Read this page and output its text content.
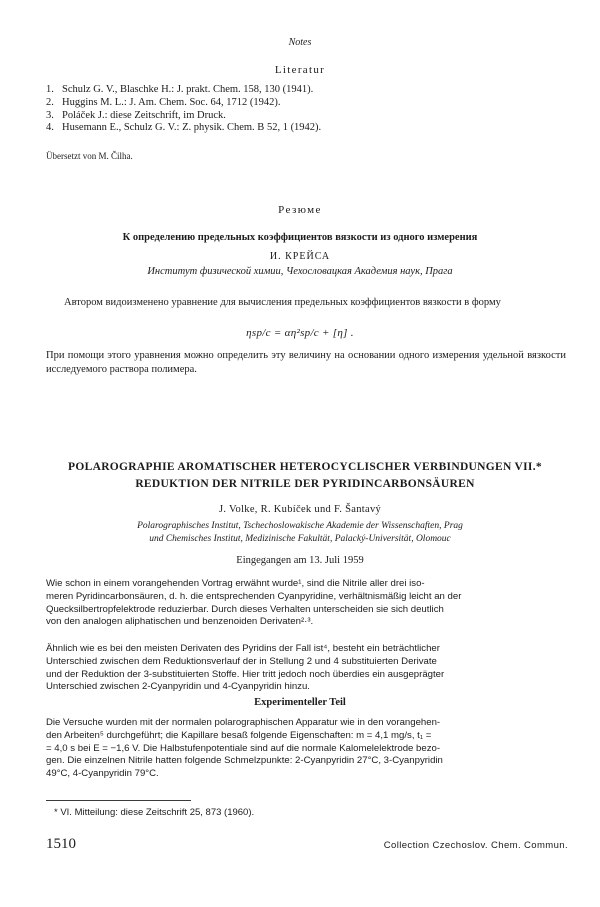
Notes
Literatur
1. Schulz G. V., Blaschke H.: J. prakt. Chem. 158, 130 (1941).
2. Huggins M. L.: J. Am. Chem. Soc. 64, 1712 (1942).
3. Poláček J.: diese Zeitschrift, im Druck.
4. Husemann E., Schulz G. V.: Z. physik. Chem. B 52, 1 (1942).
Übersetzt von M. Čilha.
Резюме
К определению предельных коэффициентов вязкости из одного измерения
И. КРЕЙСА
Институт физической химии, Чехословацкая Академия наук, Прага
Автором видоизменено уравнение для вычисления предельных коэффициентов вязкости в форму
ηsp/c = αη²sp/c + [η] .
При помощи этого уравнения можно определить эту величину на основании одного измерения удельной вязкости исследуемого раствора полимера.
POLAROGRAPHIE AROMATISCHER HETEROCYCLISCHER VERBINDUNGEN VII.*
REDUKTION DER NITRILE DER PYRIDINCARBONSÄUREN
J. Volke, R. Kubíček und F. Šantavý
Polarographisches Institut, Tschechoslowakische Akademie der Wissenschaften, Prag
und Chemisches Institut, Medizinische Fakultät, Palacký-Universität, Olomouc
Eingegangen am 13. Juli 1959
Wie schon in einem vorangehenden Vortrag erwähnt wurde¹, sind die Nitrile aller drei iso-
meren Pyridincarbonsäuren, d. h. die entsprechenden Cyanpyridine, verhältnismäßig leicht an der
Quecksilbertropfelektrode reduzierbar. Durch dieses Verhalten unterscheiden sie sich deutlich
von den analogen aliphatischen und benzenoiden Derivaten²·³.
Ähnlich wie es bei den meisten Derivaten des Pyridins der Fall ist⁴, besteht ein beträchtlicher
Unterschied zwischen dem Reduktionsverlauf der in Stellung 2 und 4 substituierten Derivate
und der Reduktion der 3-substituierten Stoffe. Hier tritt jedoch noch überdies ein ausgeprägter
Unterschied zwischen 2-Cyanpyridin und 4-Cyanpyridin hinzu.
Experimenteller Teil
Die Versuche wurden mit der normalen polarographischen Apparatur wie in den vorangehen-
den Arbeiten⁵ durchgeführt; die Kapillare besaß folgende Eigenschaften: m = 4,1 mg/s, t₁ =
= 4,0 s bei E = −1,6 V. Die Halbstufenpotentiale sind auf die normale Kalomelelektrode bezo-
gen. Die einzelnen Nitrile hatten folgende Schmelzpunkte: 2-Cyanpyridin 27°C, 3-Cyanpyridin
49°C, 4-Cyanpyridin 79°C.
* VI. Mitteilung: diese Zeitschrift 25, 873 (1960).
1510	Collection Czechoslov. Chem. Commun.
